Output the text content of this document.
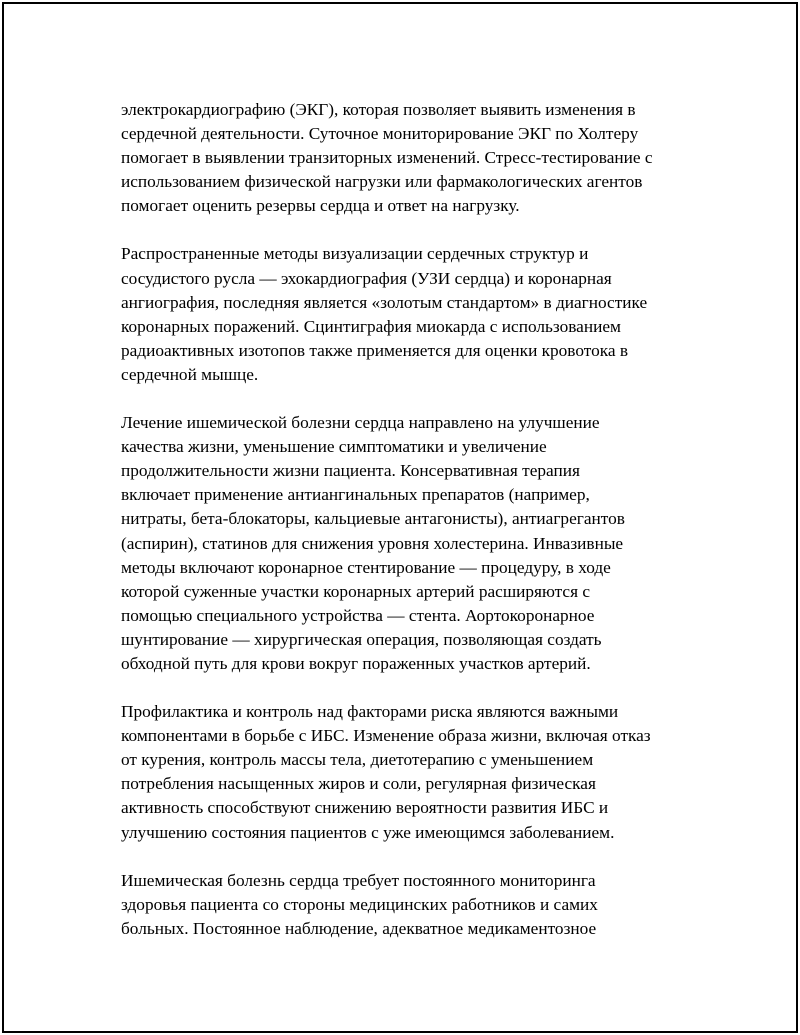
электрокардиографию (ЭКГ), которая позволяет выявить изменения в
сердечной деятельности. Суточное мониторирование ЭКГ по Холтеру
помогает в выявлении транзиторных изменений. Стресс-тестирование с
использованием физической нагрузки или фармакологических агентов
помогает оценить резервы сердца и ответ на нагрузку.

Распространенные методы визуализации сердечных структур и
сосудистого русла — эхокардиография (УЗИ сердца) и коронарная
ангиография, последняя является «золотым стандартом» в диагностике
коронарных поражений. Сцинтиграфия миокарда с использованием
радиоактивных изотопов также применяется для оценки кровотока в
сердечной мышце.

Лечение ишемической болезни сердца направлено на улучшение
качества жизни, уменьшение симптоматики и увеличение
продолжительности жизни пациента. Консервативная терапия
включает применение антиангинальных препаратов (например,
нитраты, бета-блокаторы, кальциевые антагонисты), антиагрегантов
(аспирин), статинов для снижения уровня холестерина. Инвазивные
методы включают коронарное стентирование — процедуру, в ходе
которой суженные участки коронарных артерий расширяются с
помощью специального устройства — стента. Аортокоронарное
шунтирование — хирургическая операция, позволяющая создать
обходной путь для крови вокруг пораженных участков артерий.

Профилактика и контроль над факторами риска являются важными
компонентами в борьбе с ИБС. Изменение образа жизни, включая отказ
от курения, контроль массы тела, диетотерапию с уменьшением
потребления насыщенных жиров и соли, регулярная физическая
активность способствуют снижению вероятности развития ИБС и
улучшению состояния пациентов с уже имеющимся заболеванием.

Ишемическая болезнь сердца требует постоянного мониторинга
здоровья пациента со стороны медицинских работников и самих
больных. Постоянное наблюдение, адекватное медикаментозное
